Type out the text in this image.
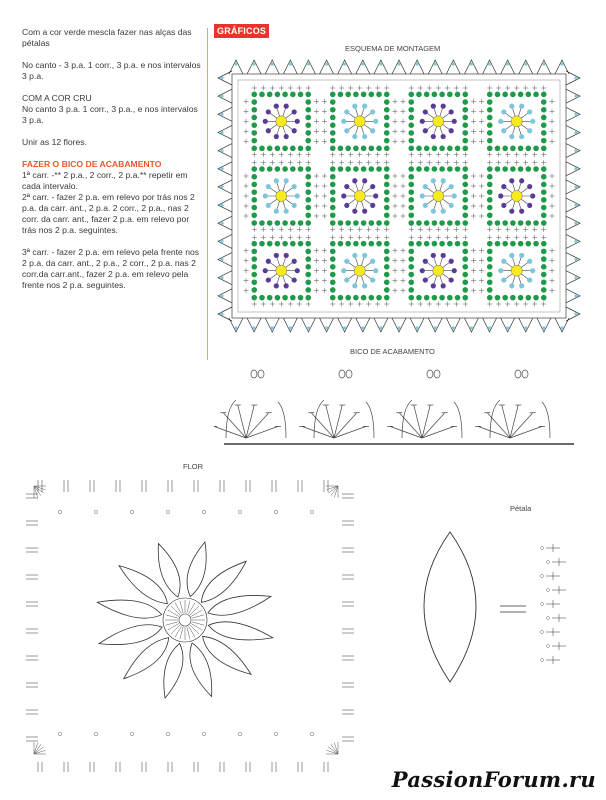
Com a cor verde mescla fazer nas alças das pétalas

No canto - 3 p.a. 1 corr., 3 p.a. e nos intervalos 3 p.a.

COM A COR CRU

No canto 3 p.a. 1 corr., 3 p.a., e nos intervalos 3 p.a.

Unir as 12 flores.

FAZER O BICO DE ACABAMENTO

1ª carr. -** 2 p.a., 2 corr., 2 p.a.** repetir em cada intervalo.

2ª carr. - fazer 2 p.a. em relevo por trás nos 2 p.a. da carr. ant., 2 p.a. 2 corr., 2 p.a., nas 2 corr. da carr. ant., fazer 2 p.a. em relevo por trás nos 2 p.a. seguintes.

3ª carr. - fazer 2 p.a. em relevo pela frente nos 2 p.a. da carr. ant., 2 p.a., 2 corr., 2 p.a. nas 2 corr.da carr.ant., fazer 2 p.a. em relevo pela frente nos 2 p.a. seguintes.

GRÁFICOS
ESQUEMA DE MONTAGEM
BICO DE ACABAMENTO
FLOR
Pétala
PassionForum.ru
